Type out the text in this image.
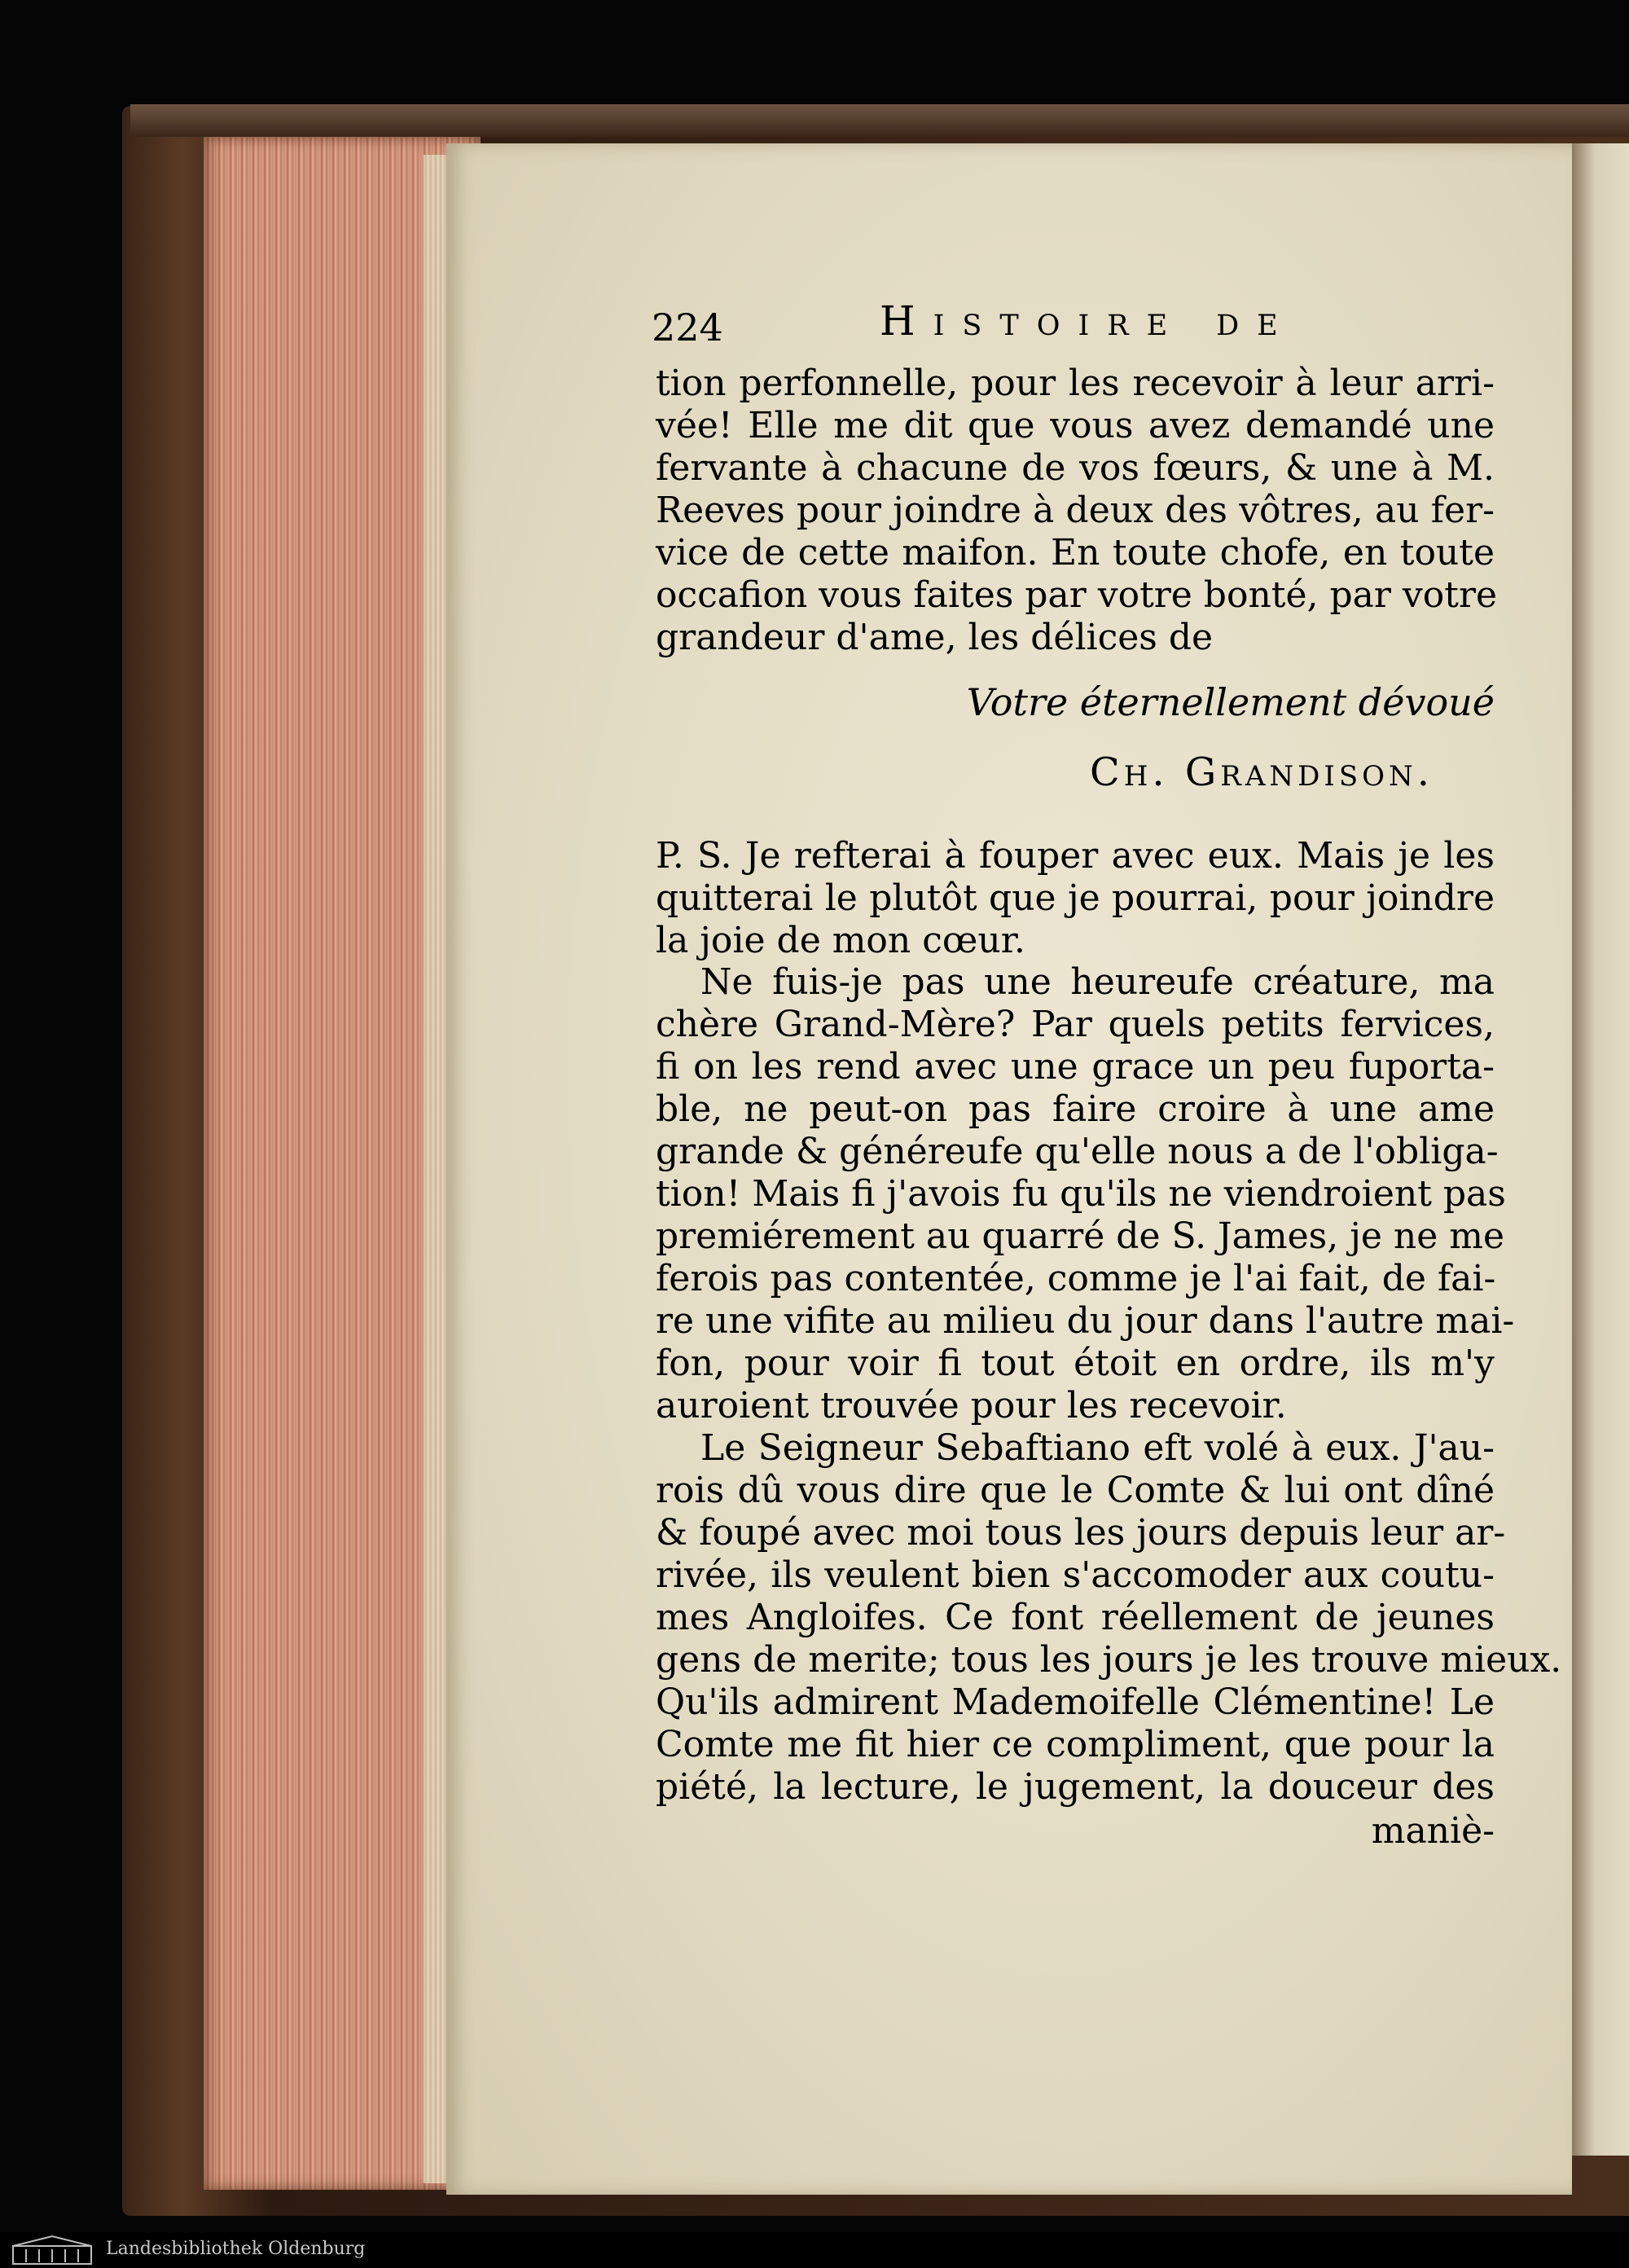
224	Histoire de
tion perfonnelle, pour les recevoir à leur arri-
vée! Elle me dit que vous avez demandé une
fervante à chacune de vos fœurs, & une à M.
Reeves pour joindre à deux des vôtres, au fer-
vice de cette maifon. En toute chofe, en toute
occafion vous faites par votre bonté, par votre
grandeur d'ame, les délices de
Votre éternellement dévoué
Ch. Grandison.
P. S. Je refterai à fouper avec eux. Mais je les
quitterai le plutôt que je pourrai, pour joindre
la joie de mon cœur.
Ne fuis-je pas une heureufe créature, ma
chère Grand-Mère? Par quels petits fervices,
fi on les rend avec une grace un peu fuporta-
ble, ne peut-on pas faire croire à une ame
grande & généreufe qu'elle nous a de l'obliga-
tion! Mais fi j'avois fu qu'ils ne viendroient pas
premiérement au quarré de S. James, je ne me
ferois pas contentée, comme je l'ai fait, de fai-
re une vifite au milieu du jour dans l'autre mai-
fon, pour voir fi tout étoit en ordre, ils m'y
auroient trouvée pour les recevoir.
Le Seigneur Sebaftiano eft volé à eux. J'au-
rois dû vous dire que le Comte & lui ont dîné
& foupé avec moi tous les jours depuis leur ar-
rivée, ils veulent bien s'accomoder aux coutu-
mes Angloifes. Ce font réellement de jeunes
gens de merite; tous les jours je les trouve mieux.
Qu'ils admirent Mademoifelle Clémentine! Le
Comte me fit hier ce compliment, que pour la
piété, la lecture, le jugement, la douceur des
maniè-
Landesbibliothek Oldenburg
